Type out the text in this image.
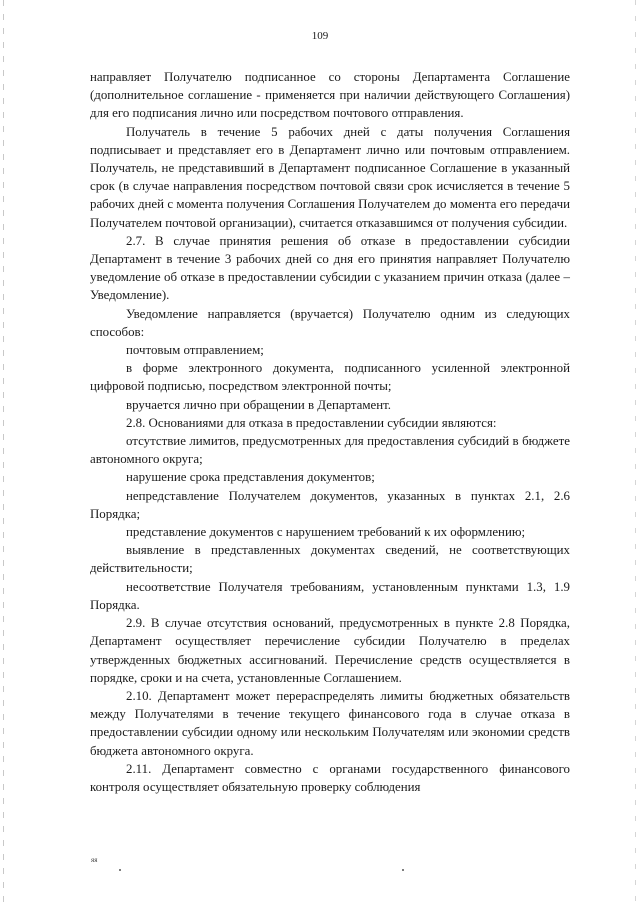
109

направляет Получателю подписанное со стороны Департамента Соглашение (дополнительное соглашение - применяется при наличии действующего Соглашения) для его подписания лично или посредством почтового отправления.

Получатель в течение 5 рабочих дней с даты получения Соглашения подписывает и представляет его в Департамент лично или почтовым отправлением. Получатель, не представивший в Департамент подписанное Соглашение в указанный срок (в случае направления посредством почтовой связи срок исчисляется в течение 5 рабочих дней с момента получения Соглашения Получателем до момента его передачи Получателем почтовой организации), считается отказавшимся от получения субсидии.

2.7. В случае принятия решения об отказе в предоставлении субсидии Департамент в течение 3 рабочих дней со дня его принятия направляет Получателю уведомление об отказе в предоставлении субсидии с указанием причин отказа (далее – Уведомление).

Уведомление направляется (вручается) Получателю одним из следующих способов:

почтовым отправлением;

в форме электронного документа, подписанного усиленной электронной цифровой подписью, посредством электронной почты;

вручается лично при обращении в Департамент.

2.8. Основаниями для отказа в предоставлении субсидии являются:

отсутствие лимитов, предусмотренных для предоставления субсидий в бюджете автономного округа;

нарушение срока представления документов;

непредставление Получателем документов, указанных в пунктах 2.1, 2.6 Порядка;

представление документов с нарушением требований к их оформлению;

выявление в представленных документах сведений, не соответствующих действительности;

несоответствие Получателя требованиям, установленным пунктами 1.3, 1.9 Порядка.

2.9. В случае отсутствия оснований, предусмотренных в пункте 2.8 Порядка, Департамент осуществляет перечисление субсидии Получателю в пределах утвержденных бюджетных ассигнований. Перечисление средств осуществляется в порядке, сроки и на счета, установленные Соглашением.

2.10. Департамент может перераспределять лимиты бюджетных обязательств между Получателями в течение текущего финансового года в случае отказа в предоставлении субсидии одному или нескольким Получателям или экономии средств бюджета автономного округа.

2.11. Департамент совместно с органами государственного финансового контроля осуществляет обязательную проверку соблюдения

яя
